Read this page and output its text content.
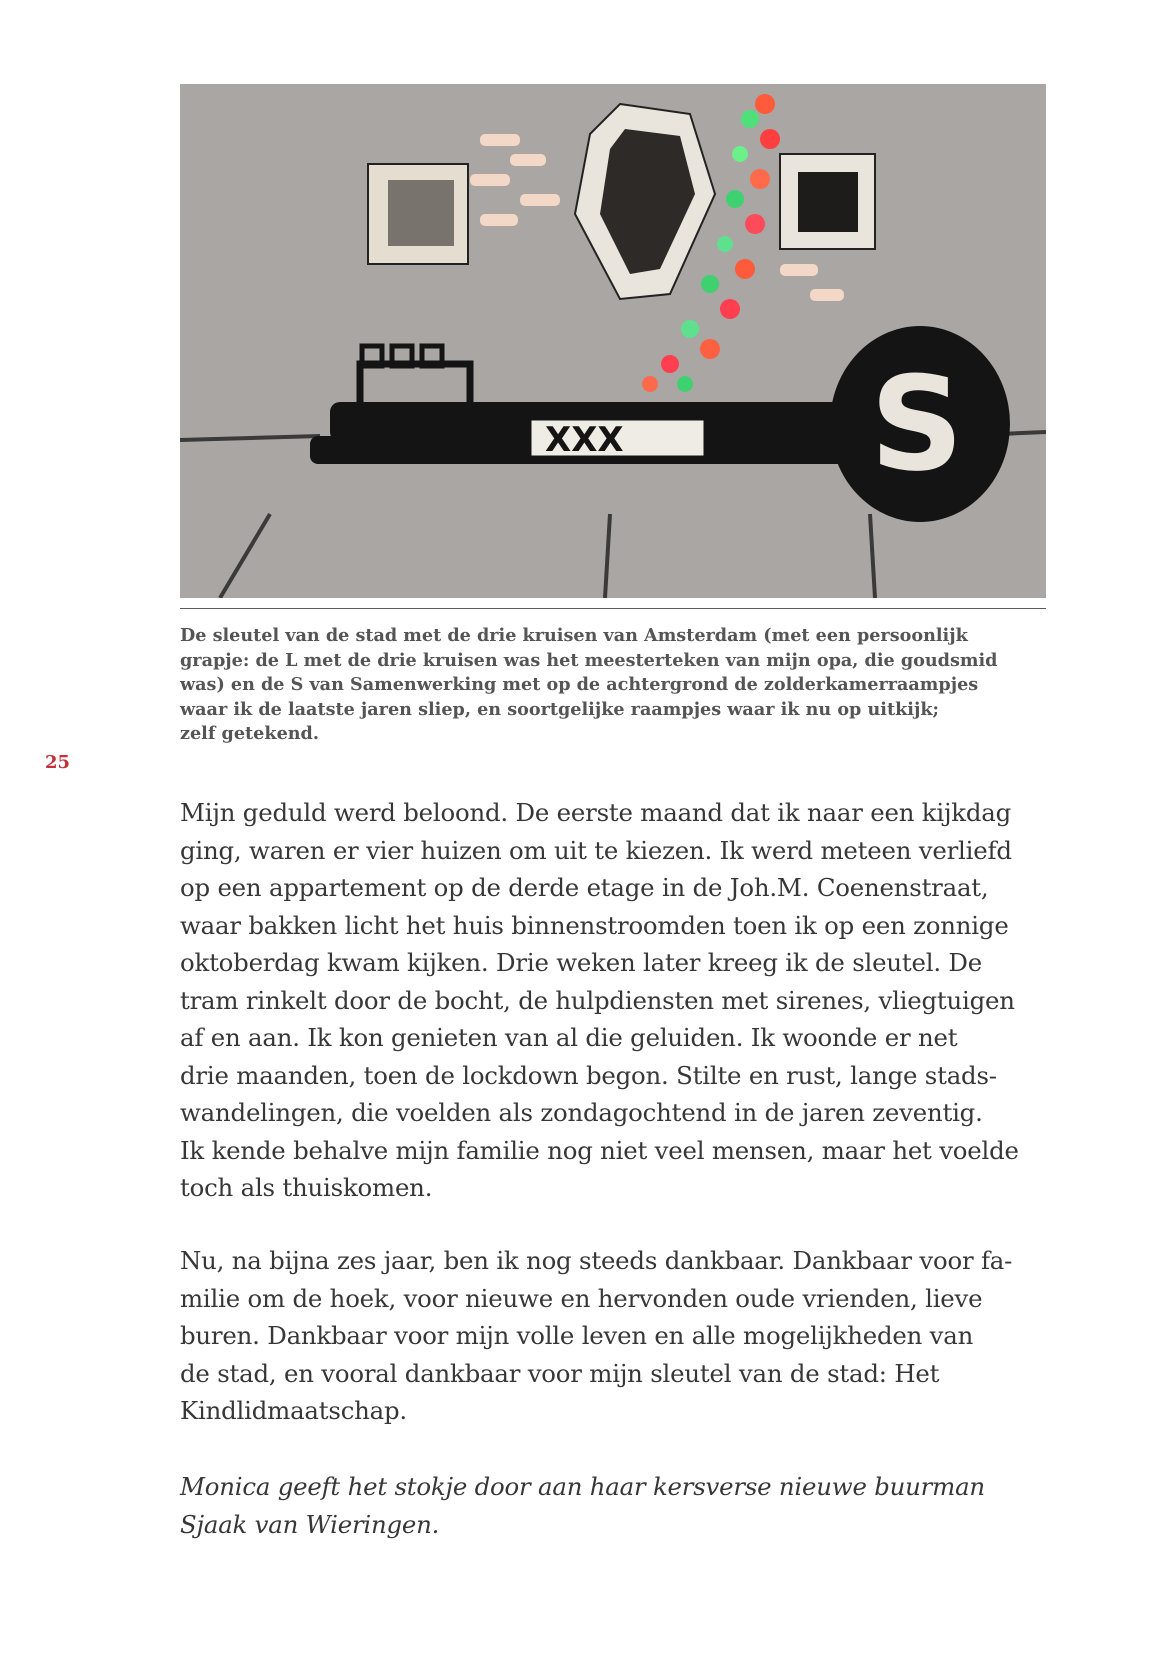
XXX S
De sleutel van de stad met de drie kruisen van Amsterdam (met een persoonlijk
grapje: de L met de drie kruisen was het meesterteken van mijn opa, die goudsmid
was) en de S van Samenwerking met op de achtergrond de zolderkamerraampjes
waar ik de laatste jaren sliep, en soortgelijke raampjes waar ik nu op uitkijk;
zelf getekend.
25
Mijn geduld werd beloond. De eerste maand dat ik naar een kijkdag
ging, waren er vier huizen om uit te kiezen. Ik werd meteen verliefd
op een appartement op de derde etage in de Joh.M. Coenenstraat,
waar bakken licht het huis binnenstroomden toen ik op een zonnige
oktoberdag kwam kijken. Drie weken later kreeg ik de sleutel. De
tram rinkelt door de bocht, de hulpdiensten met sirenes, vliegtuigen
af en aan. Ik kon genieten van al die geluiden. Ik woonde er net
drie maanden, toen de lockdown begon. Stilte en rust, lange stads-
wandelingen, die voelden als zondagochtend in de jaren zeventig.
Ik kende behalve mijn familie nog niet veel mensen, maar het voelde
toch als thuiskomen.
Nu, na bijna zes jaar, ben ik nog steeds dankbaar. Dankbaar voor fa-
milie om de hoek, voor nieuwe en hervonden oude vrienden, lieve
buren. Dankbaar voor mijn volle leven en alle mogelijkheden van
de stad, en vooral dankbaar voor mijn sleutel van de stad: Het
Kindlidmaatschap.
Monica geeft het stokje door aan haar kersverse nieuwe buurman
Sjaak van Wieringen.
